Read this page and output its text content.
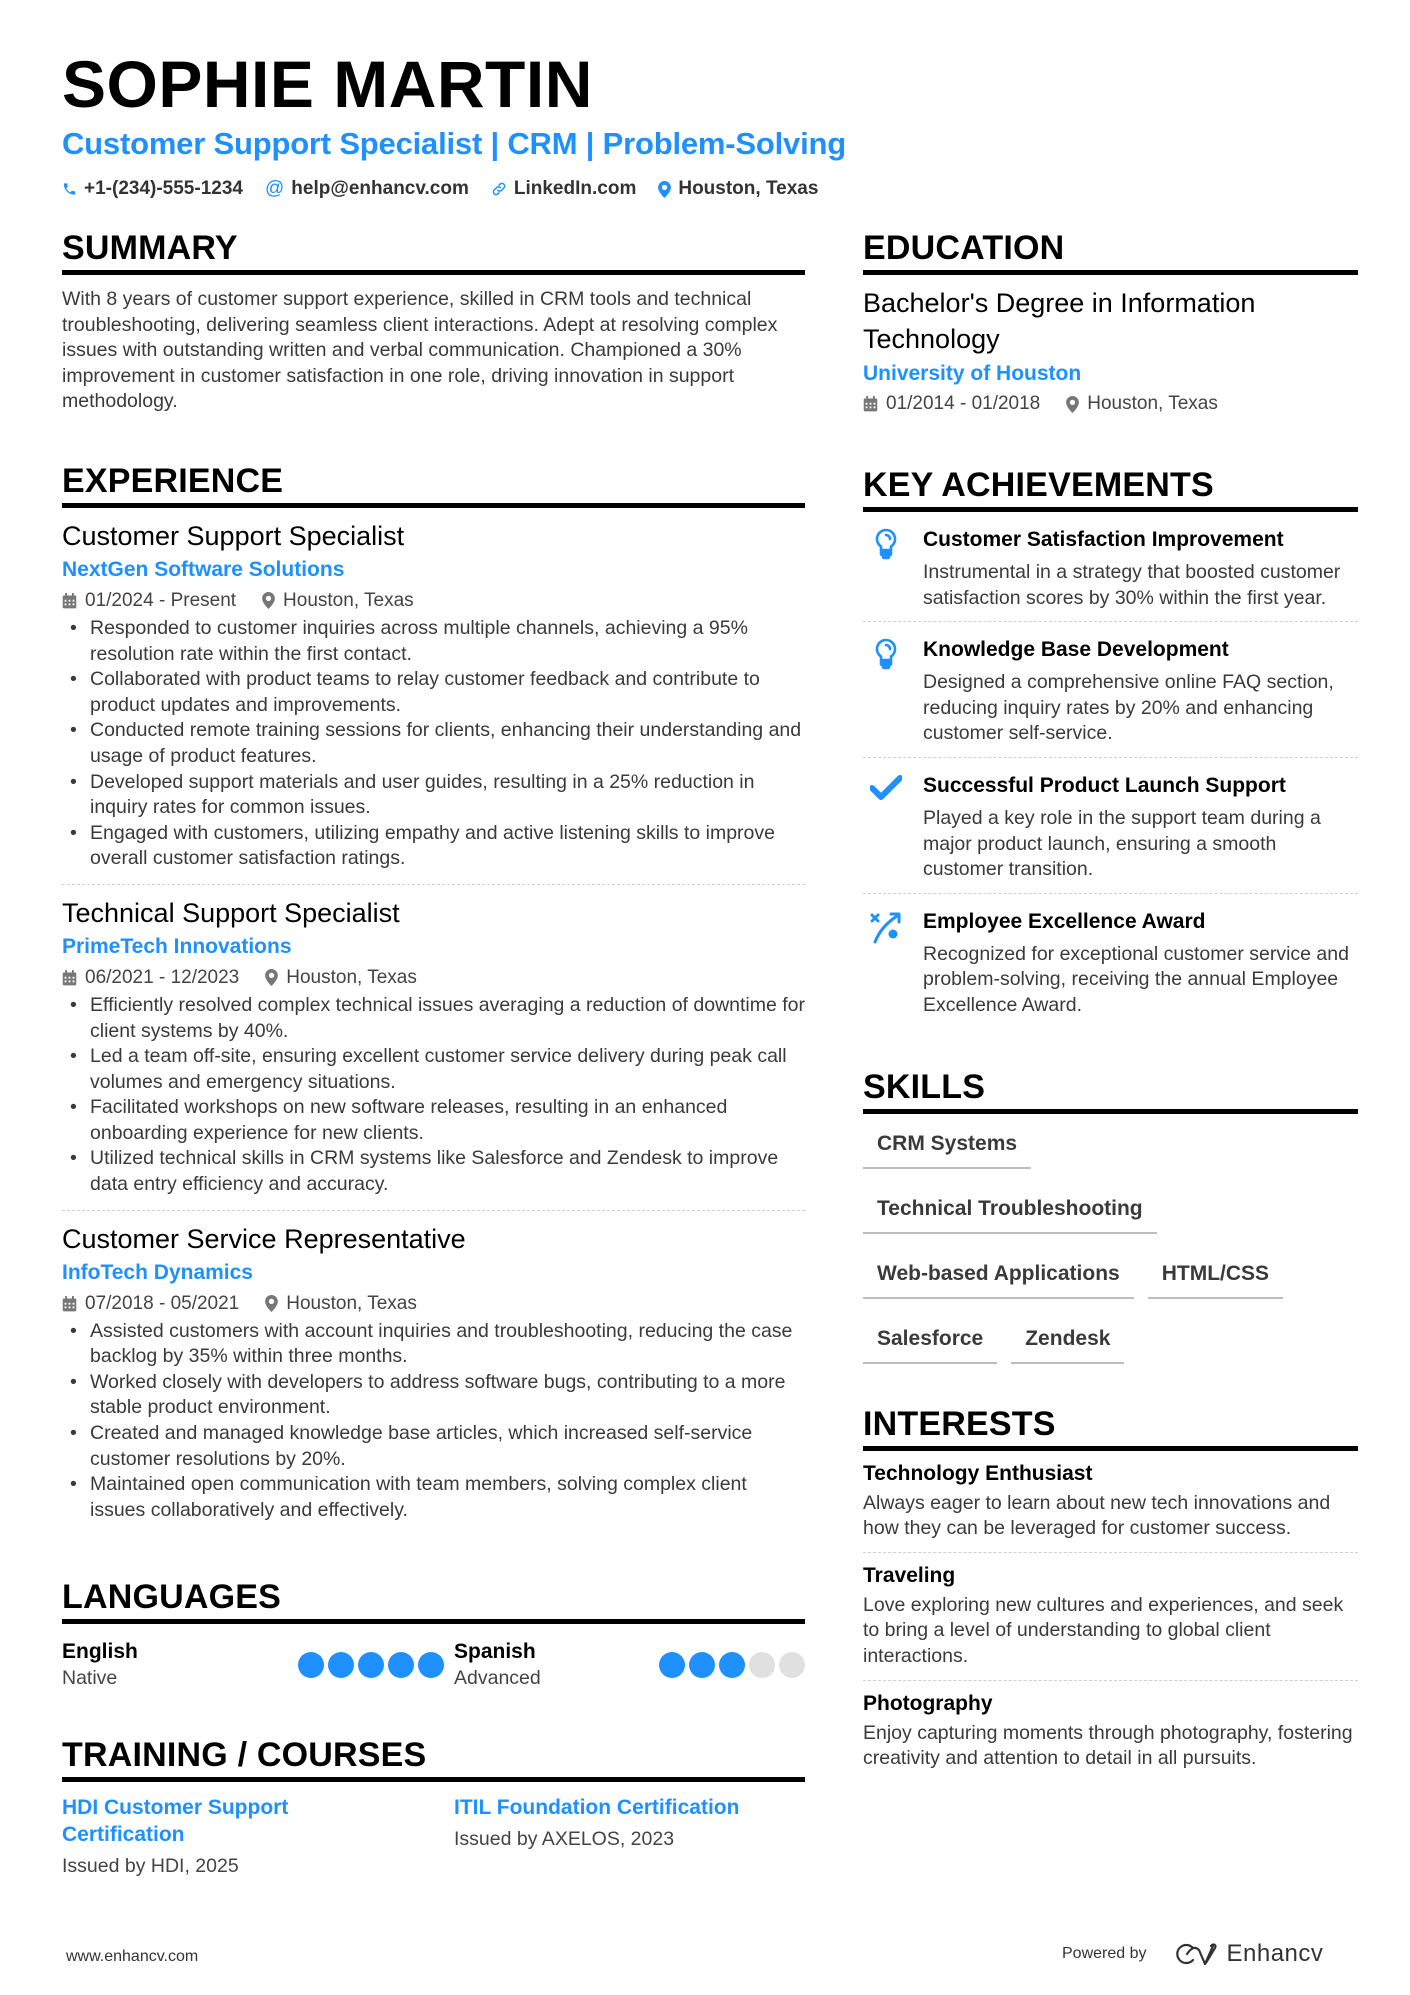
SOPHIE MARTIN
Customer Support Specialist | CRM | Problem-Solving
+1-(234)-555-1234 @ help@enhancv.com LinkedIn.com Houston, Texas
SUMMARY
With 8 years of customer support experience, skilled in CRM tools and technical troubleshooting, delivering seamless client interactions. Adept at resolving complex issues with outstanding written and verbal communication. Championed a 30% improvement in customer satisfaction in one role, driving innovation in support methodology.
EXPERIENCE
Customer Support Specialist
NextGen Software Solutions
01/2024 - Present Houston, Texas
• Responded to customer inquiries across multiple channels, achieving a 95% resolution rate within the first contact.
• Collaborated with product teams to relay customer feedback and contribute to product updates and improvements.
• Conducted remote training sessions for clients, enhancing their understanding and usage of product features.
• Developed support materials and user guides, resulting in a 25% reduction in inquiry rates for common issues.
• Engaged with customers, utilizing empathy and active listening skills to improve overall customer satisfaction ratings.
Technical Support Specialist
PrimeTech Innovations
06/2021 - 12/2023 Houston, Texas
• Efficiently resolved complex technical issues averaging a reduction of downtime for client systems by 40%.
• Led a team off-site, ensuring excellent customer service delivery during peak call volumes and emergency situations.
• Facilitated workshops on new software releases, resulting in an enhanced onboarding experience for new clients.
• Utilized technical skills in CRM systems like Salesforce and Zendesk to improve data entry efficiency and accuracy.
Customer Service Representative
InfoTech Dynamics
07/2018 - 05/2021 Houston, Texas
• Assisted customers with account inquiries and troubleshooting, reducing the case backlog by 35% within three months.
• Worked closely with developers to address software bugs, contributing to a more stable product environment.
• Created and managed knowledge base articles, which increased self-service customer resolutions by 20%.
• Maintained open communication with team members, solving complex client issues collaboratively and effectively.
LANGUAGES
English
Native
Spanish
Advanced
TRAINING / COURSES
HDI Customer Support Certification
Issued by HDI, 2025
ITIL Foundation Certification
Issued by AXELOS, 2023
EDUCATION
Bachelor's Degree in Information Technology
University of Houston
01/2014 - 01/2018 Houston, Texas
KEY ACHIEVEMENTS
Customer Satisfaction Improvement
Instrumental in a strategy that boosted customer satisfaction scores by 30% within the first year.
Knowledge Base Development
Designed a comprehensive online FAQ section, reducing inquiry rates by 20% and enhancing customer self-service.
Successful Product Launch Support
Played a key role in the support team during a major product launch, ensuring a smooth customer transition.
Employee Excellence Award
Recognized for exceptional customer service and problem-solving, receiving the annual Employee Excellence Award.
SKILLS
CRM Systems
Technical Troubleshooting
Web-based Applications	HTML/CSS
Salesforce	Zendesk
INTERESTS
Technology Enthusiast
Always eager to learn about new tech innovations and how they can be leveraged for customer success.
Traveling
Love exploring new cultures and experiences, and seek to bring a level of understanding to global client interactions.
Photography
Enjoy capturing moments through photography, fostering creativity and attention to detail in all pursuits.
www.enhancv.com	Powered by	Enhancv
